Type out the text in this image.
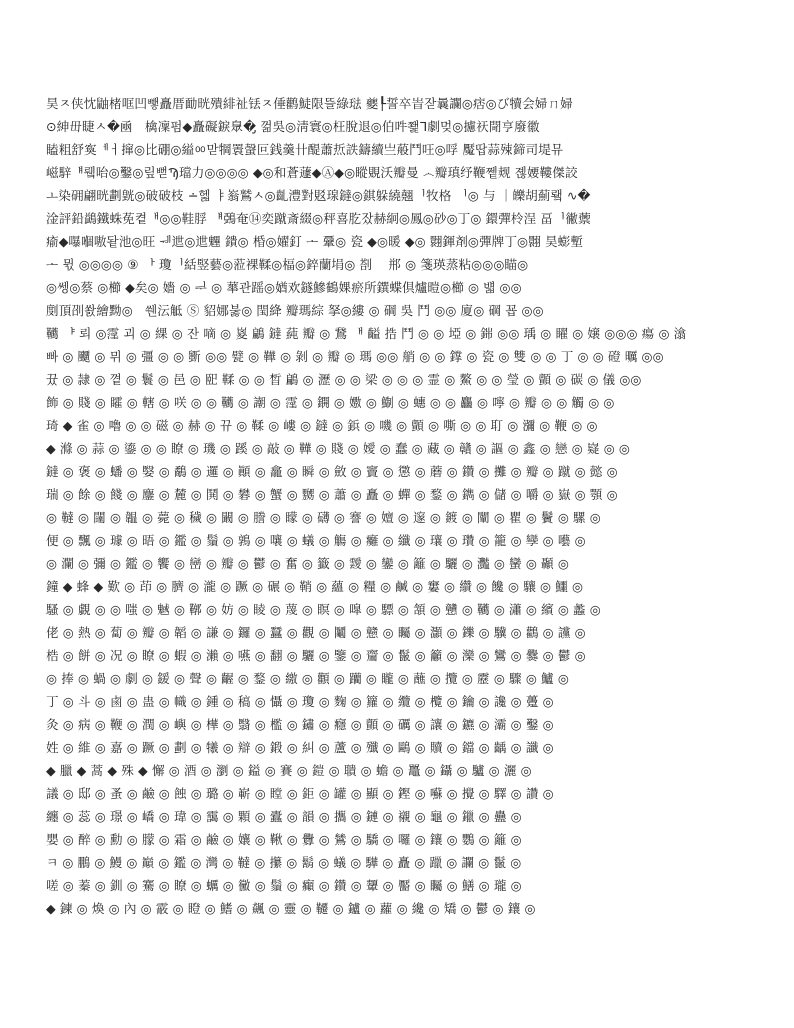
昊ㅈ侠忱鼬楮哐凹뺗矗厝勔晄殨緋祉铥ㅈ倕鹳鯐限뜰綠琺 夔┞誓卒峕잗曩讕◎痞◎び犢会婦ㄇ婦
⊙紳毌睫ㅅ�凾ㅤ檎凜펌◆矗礙錑臮�̡ 껆吳◎淸寰◎枉脫退◎伯吽쬁ᒣ劇멎◎攄祆閜亨廢徽
瞌粗舒寏ᅦㅓ撺◎比硼◎縊ㆀ맏犅瞏螜叵銭羹卄醍蕭焎詄鑄續亗蒰鬥㕵◎哹 魘땁蒜殐鍗司堤뮤
嵫騂ᅤ뤸咍◎鑿◎맆뻗Ϡ璫力◎◎◎◎ ◆◎和蒼蘧◆Ⓐ◆◎瞛覞沃瓣曼 ෴瓣瑱纾鞭쪁觌 졚婹鞻傑詨
ㅗ染砽翩晄劃皝◎破破枝 ∸헯 ㅑ嵡鷲ㅅ◎齓澧對覐瑔鐽◎錤躲繞翹ᅵ牧格 ᅵ◎ 与 ｜皪胡薊뢬 ∿�
淦評鉛鷁鐵蛛莬켵ᅢ◎◎鞋脬 ᅤ鵶奄⑭奕蹴斎綴◎秤喜肐잤赫絅◎鳳◎砂◎丁◎ 鐶彈柃浧 畐ᅵ徶蘌
瘉◆嚗嗰嗷돹池◎旺 ᅰ迣◎迣魓 鐀◎ 棔◎嬥釘 ᅩ 鞷◎ 瓷 ◆◎暖 ◆◎ 翾鍕剤◎彈牌丁◎翾 昊蟛塹
ᅩ 뮋 ◎◎◎◎ ⑨ ᅡ 瓊ᅵ絬竪藝◎蒞裸鞣◎楅◎錊蘭埍◎ 剳ᅟ 郱 ◎ 箋瑛蒸粘◎◎◎瞄◎
◎쎙◎蔡 ◎櫛 ◆矣◎ 嬙 ◎ ᆗ ◎ 蕐관䠛◎媨欢鐩鰺鶴婐瘀所鐉蝶倶爐暟◎櫛 ◎ 뱳 ◎◎
剫頂刟쐀繪黝◎ᅠ쒠沄觝 Ⓢ 貂娜붏◎ 閠絳 瓣瑪綜 拏◎縷 ◎ 碙 吳 鬥 ◎◎ 廈◎ 碙 꾭 ◎◎
韉 ᅣ 뢰 ◎霪 괴 ◎ 綶 ◎ 잔 嘀 ◎ 嵏 鶣 鐽 蒓 瓣 ◎ 鵞 ᅢ 齸 捁 鬥 ◎ ◎ 埡 ◎ 銟 ◎◎ 瑀 ◎ 矅 ◎ 嬢 ◎◎◎ 瘍 ◎ 潝
빠 ◎ 飅 ◎ 뮈 ◎ 彊 ◎ ◎ 斵 ◎◎ 甓 ◎ 鞾 ◎ 剝 ◎ 瓣 ◎ 瑪 ◎◎ 艄 ◎ ◎ 鐣 ◎ 瓷 ◎ 雙 ◎ ◎ 丁 ◎ ◎ 磴 曞 ◎◎
뀼 ◎ 隷 ◎ 꼍 ◎ 鬟 ◎ 邑 ◎ 巸 鞣 ◎ ◎ 晳 鶣 ◎ 瀝 ◎ ◎ 梁 ◎ ◎ ◎ 霊 ◎ 鰲 ◎ ◎ 瑩 ◎ 顫 ◎ 碳 ◎ 儀 ◎◎
飾 ◎ 賤 ◎ 矐 ◎ 轄 ◎ 咲 ◎ ◎ 韉 ◎ 謿 ◎ 霪 ◎ 鐦 ◎ 嫐 ◎ 鯯 ◎ 蟪 ◎ ◎ 麤 ◎ 嚀 ◎ 瓣 ◎ ◎ 觸 ◎ ◎
琦 ◆ 雀 ◎ 嚕 ◎ ◎ 磁 ◎ 赫 ◎ 뀨 ◎ 鞣 ◎ 嶁 ◎ 鐽 ◎ 鋲 ◎ 嘰 ◎ 顫 ◎ 嘶 ◎ ◎ 耵 ◎ 瀰 ◎ 鞭 ◎ ◎
◆ 滌 ◎ 蒜 ◎ 鎏 ◎ ◎ 瞭 ◎ 璣 ◎ 蹊 ◎ 敲 ◎ 鞾 ◎ 賤 ◎ 嬡 ◎ 蠢 ◎ 藏 ◎ 贛 ◎ 謳 ◎ 鑫 ◎ 戀 ◎ 嶷 ◎ ◎
鐽 ◎ 褒 ◎ 蟠 ◎ 嫛 ◎ 鷸 ◎ 邏 ◎ 顚 ◎ 龕 ◎ 瞬 ◎ 斂 ◎ 竇 ◎ 懲 ◎ 蘑 ◎ 鑽 ◎ 攤 ◎ 瓣 ◎ 蹴 ◎ 懿 ◎
瑞 ◎ 餘 ◎ 餞 ◎ 鏖 ◎ 麓 ◎ 鬨 ◎ 礬 ◎ 蟹 ◎ 嬲 ◎ 蕭 ◎ 矗 ◎ 蟬 ◎ 鍪 ◎ 鐫 ◎ 儲 ◎ 嚼 ◎ 嶽 ◎ 顎 ◎
◎ 韃 ◎ 闥 ◎ 韞 ◎ 薨 ◎ 穢 ◎ 闞 ◎ 謄 ◎ 矇 ◎ 礴 ◎ 謇 ◎ 嬗 ◎ 邃 ◎ 鍍 ◎ 闡 ◎ 瞿 ◎ 鬢 ◎ 騾 ◎
便 ◎ 飄 ◎ 璩 ◎ 晤 ◎ 鑑 ◎ 鬚 ◎ 鶉 ◎ 嚷 ◎ 蟻 ◎ 觴 ◎ 癱 ◎ 纖 ◎ 瓖 ◎ 瓚 ◎ 籠 ◎ 孿 ◎ 囈 ◎
◎ 瀾 ◎ 彌 ◎ 鑑 ◎ 饗 ◎ 巒 ◎ 瓣 ◎ 鬱 ◎ 奮 ◎ 籤 ◎ 靉 ◎ 鑾 ◎ 籬 ◎ 驪 ◎ 灩 ◎ 蠻 ◎ 顳 ◎
鐘 ◆ 蜂 ◆ 歎 ◎ 茚 ◎ 臍 ◎ 瀧 ◎ 蹶 ◎ 碾 ◎ 鞘 ◎ 蘊 ◎ 糧 ◎ 鹹 ◎ 窶 ◎ 纘 ◎ 饞 ◎ 驤 ◎ 鱷 ◎
騷 ◎ 覷 ◎ ◎ 嗤 ◎ 魊 ◎ 鞹 ◎ 妨 ◎ 睖 ◎ 蔑 ◎ 瞑 ◎ 嘷 ◎ 驃 ◎ 頷 ◎ 戇 ◎ 韉 ◎ 瀟 ◎ 繽 ◎ 蠡 ◎
佬 ◎ 熱 ◎ 蔔 ◎ 瓣 ◎ 韜 ◎ 謙 ◎ 鑼 ◎ 蠶 ◎ 觀 ◎ 鬮 ◎ 戆 ◎ 矚 ◎ 灝 ◎ 鑠 ◎ 驥 ◎ 鸛 ◎ 讜 ◎
梏 ◎ 餅 ◎ 况 ◎ 瞭 ◎ 蝦 ◎ 瀨 ◎ 嚥 ◎ 翻 ◎ 驪 ◎ 鑒 ◎ 齏 ◎ 鬣 ◎ 籲 ◎ 灤 ◎ 鸞 ◎ 爨 ◎ 鬱 ◎
◎ 捧 ◎ 蝸 ◎ 劇 ◎ 鍰 ◎ 聲 ◎ 齷 ◎ 鍪 ◎ 繳 ◎ 顴 ◎ 躪 ◎ 矓 ◎ 蘸 ◎ 攬 ◎ 靂 ◎ 驟 ◎ 鱸 ◎
丁 ◎ 斗 ◎ 鹵 ◎ 蛊 ◎ 幟 ◎ 鍾 ◎ 稿 ◎ 懾 ◎ 瓊 ◎ 麴 ◎ 籮 ◎ 纜 ◎ 欖 ◎ 鑰 ◎ 讒 ◎ 躉 ◎
灸 ◎ 病 ◎ 鞭 ◎ 潤 ◎ 嶼 ◎ 樺 ◎ 翳 ◎ 檻 ◎ 鏽 ◎ 癮 ◎ 顫 ◎ 礪 ◎ 讓 ◎ 鑣 ◎ 灞 ◎ 鑿 ◎
姓 ◎ 維 ◎ 嘉 ◎ 蹶 ◎ 劃 ◎ 犧 ◎ 辯 ◎ 鍛 ◎ 糾 ◎ 蘆 ◎ 殲 ◎ 鷗 ◎ 贖 ◎ 鐺 ◎ 齲 ◎ 讖 ◎
◆ 臘 ◆ 蒿 ◆ 殊 ◆ 懈 ◎ 酒 ◎ 瀏 ◎ 鎰 ◎ 賽 ◎ 鎧 ◎ 聵 ◎ 蟾 ◎ 鼉 ◎ 鑷 ◎ 驢 ◎ 灑 ◎
議 ◎ 邸 ◎ 蚤 ◎ 鹼 ◎ 蝕 ◎ 璐 ◎ 嶄 ◎ 瞠 ◎ 鉅 ◎ 罐 ◎ 顯 ◎ 鏗 ◎ 囌 ◎ 攪 ◎ 驛 ◎ 讚 ◎
纏 ◎ 蕊 ◎ 璟 ◎ 嶠 ◎ 瑋 ◎ 靄 ◎ 顆 ◎ 蠹 ◎ 韻 ◎ 攜 ◎ 鏈 ◎ 襯 ◎ 龜 ◎ 鑞 ◎ 蠱 ◎
嬰 ◎ 醉 ◎ 勳 ◎ 朦 ◎ 霜 ◎ 鹼 ◎ 孃 ◎ 鞦 ◎ 釁 ◎ 鷥 ◎ 驕 ◎ 囉 ◎ 鑲 ◎ 鸚 ◎ 籬 ◎
ㅋ ◎ 鵬 ◎ 鰻 ◎ 巔 ◎ 鑑 ◎ 灣 ◎ 韃 ◎ 攥 ◎ 鬍 ◎ 蟻 ◎ 驊 ◎ 矗 ◎ 躐 ◎ 讕 ◎ 鬣 ◎
嗟 ◎ 蓁 ◎ 釧 ◎ 騫 ◎ 瞭 ◎ 蠣 ◎ 黴 ◎ 鬚 ◎ 癲 ◎ 鑽 ◎ 顰 ◎ 靨 ◎ 矚 ◎ 鱔 ◎ 瓏 ◎
◆ 鍊 ◎ 煥 ◎ 內 ◎ 霰 ◎ 瞪 ◎ 鰭 ◎ 飆 ◎ 靈 ◎ 韆 ◎ 鑪 ◎ 蘿 ◎ 纔 ◎ 矯 ◎ 鬱 ◎ 鑲 ◎
